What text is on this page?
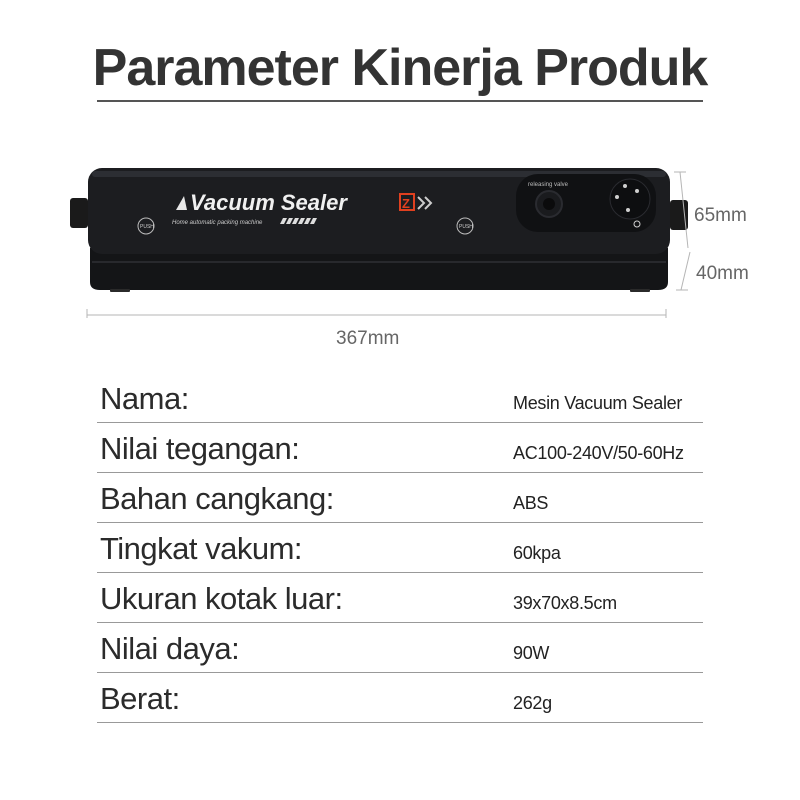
Parameter Kinerja Produk
Vacuum Sealer	Z
Home automatic packing machine
PUSH	PUSH
releasing valve
65mm
40mm
367mm
Nama:	Mesin Vacuum Sealer
Nilai tegangan:	AC100-240V/50-60Hz
Bahan cangkang:	ABS
Tingkat vakum:	60kpa
Ukuran kotak luar:	39x70x8.5cm
Nilai daya:	90W
Berat:	262g
